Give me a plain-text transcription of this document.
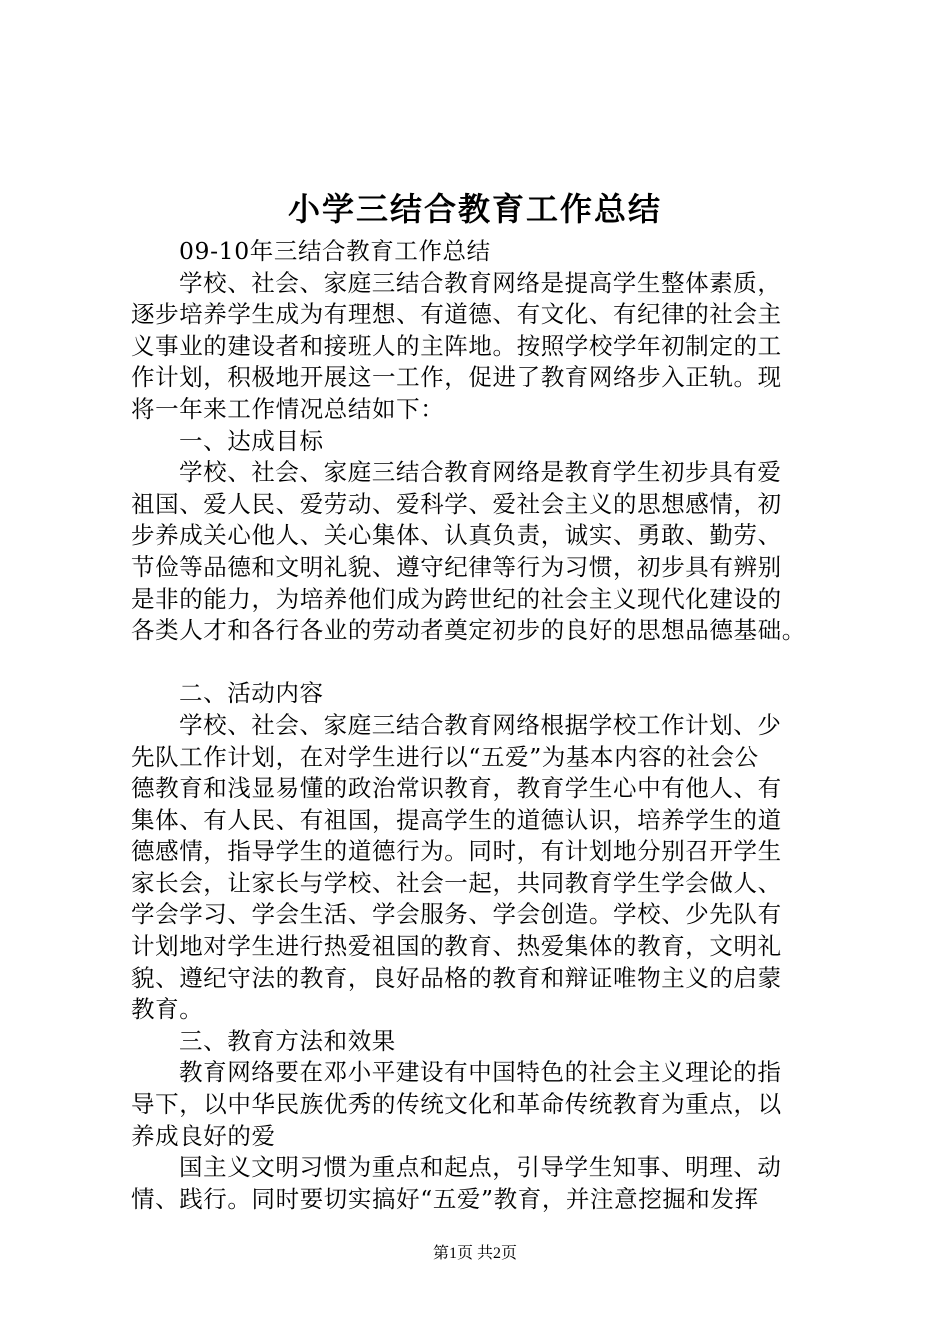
小学三结合教育工作总结
09-10年三结合教育工作总结
学校、社会、家庭三结合教育网络是提高学生整体素质，
逐步培养学生成为有理想、有道德、有文化、有纪律的社会主
义事业的建设者和接班人的主阵地。按照学校学年初制定的工
作计划，积极地开展这一工作，促进了教育网络步入正轨。现
将一年来工作情况总结如下：
一、达成目标
学校、社会、家庭三结合教育网络是教育学生初步具有爱
祖国、爱人民、爱劳动、爱科学、爱社会主义的思想感情，初
步养成关心他人、关心集体、认真负责，诚实、勇敢、勤劳、
节俭等品德和文明礼貌、遵守纪律等行为习惯，初步具有辨别
是非的能力，为培养他们成为跨世纪的社会主义现代化建设的
各类人才和各行各业的劳动者奠定初步的良好的思想品德基础。
二、活动内容
学校、社会、家庭三结合教育网络根据学校工作计划、少
先队工作计划，在对学生进行以“五爱”为基本内容的社会公
德教育和浅显易懂的政治常识教育，教育学生心中有他人、有
集体、有人民、有祖国，提高学生的道德认识，培养学生的道
德感情，指导学生的道德行为。同时，有计划地分别召开学生
家长会，让家长与学校、社会一起，共同教育学生学会做人、
学会学习、学会生活、学会服务、学会创造。学校、少先队有
计划地对学生进行热爱祖国的教育、热爱集体的教育，文明礼
貌、遵纪守法的教育，良好品格的教育和辩证唯物主义的启蒙
教育。
三、教育方法和效果
教育网络要在邓小平建设有中国特色的社会主义理论的指
导下，以中华民族优秀的传统文化和革命传统教育为重点，以
养成良好的爱
国主义文明习惯为重点和起点，引导学生知事、明理、动
情、践行。同时要切实搞好“五爱”教育，并注意挖掘和发挥
第1页 共2页
